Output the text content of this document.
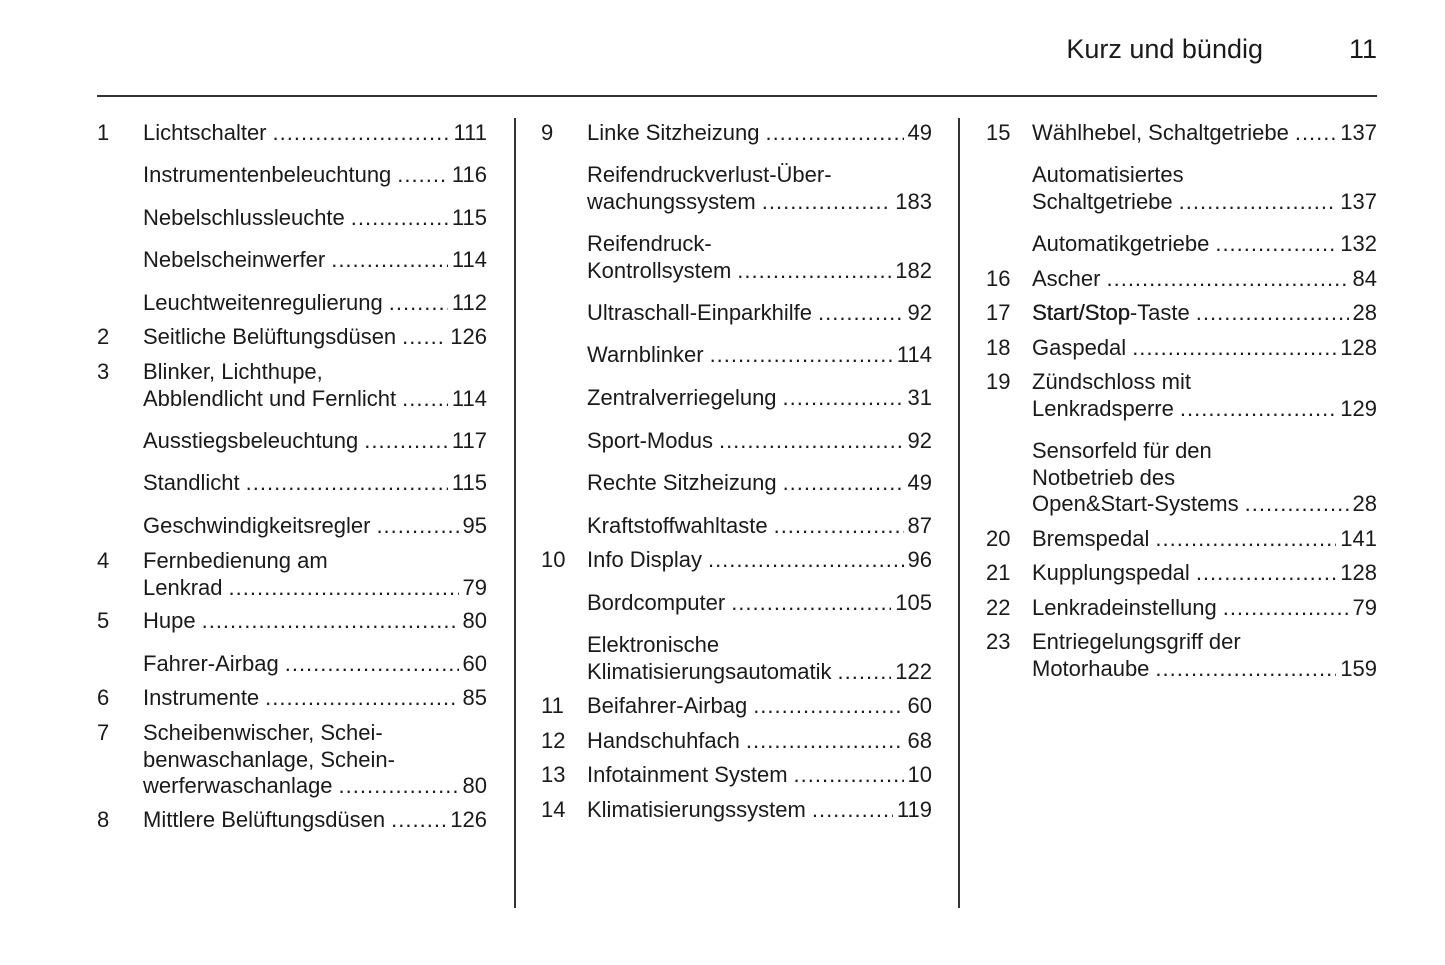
Kurz und bündig	11
1 Lichtschalter .....	111
Instrumentenbeleuchtung .....	116
Nebelschlussleuchte .....	115
Nebelscheinwerfer .....	114
Leuchtweitenregulierung .....	112
2 Seitliche Belüftungsdüsen ..... 126
3 Blinker, Lichthupe,
Abblendlicht und Fernlicht .....	114
Ausstiegsbeleuchtung .....	117
Standlicht .....	115
Geschwindigkeitsregler .....	95
4 Fernbedienung am
Lenkrad .....	79
5 Hupe .....	80
Fahrer-Airbag .....	60
6 Instrumente .....	85
7 Scheibenwischer, Schei-
benwaschanlage, Schein-
werferwaschanlage .....	80
8 Mittlere Belüftungsdüsen .....	126
9 Linke Sitzheizung .....	49
Reifendruckverlust-Über-
wachungssystem .....	183
Reifendruck-
Kontrollsystem .....	182
Ultraschall-Einparkhilfe .....	92
Warnblinker .....	114
Zentralverriegelung .....	31
Sport-Modus .....	92
Rechte Sitzheizung .....	49
Kraftstoffwahltaste .....	87
10 Info Display .....	96
Bordcomputer .....	105
Elektronische
Klimatisierungsautomatik .....	122
11 Beifahrer-Airbag .....	60
12 Handschuhfach .....	68
13 Infotainment System .....	10
14 Klimatisierungssystem .....	119
15 Wählhebel, Schaltgetriebe ..... 137
Automatisiertes
Schaltgetriebe .....	137
Automatikgetriebe .....	132
16 Ascher .....	84
17 Start/Stop-Taste .....	28
18 Gaspedal .....	128
19 Zündschloss mit
Lenkradsperre .....	129
Sensorfeld für den
Notbetrieb des
Open&Start-Systems .....	28
20 Bremspedal .....	141
21 Kupplungspedal .....	128
22 Lenkradeinstellung .....	79
23 Entriegelungsgriff der
Motorhaube .....	159
